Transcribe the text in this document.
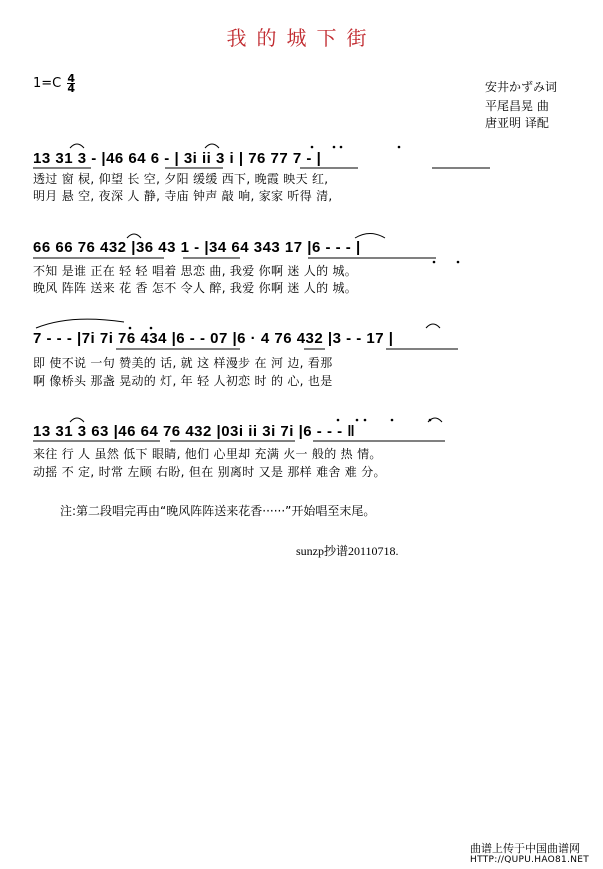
我的城下街
$1=C \frac{4}{4}$	安井かずみ词
平尾昌晃 曲
唐亚明 译配
13 31 3 - |46 64 6 - | 3i ii 3 i | 76 77 7 - |
透过 窗 棂, 仰望 长 空, 夕阳 缓缓 西下, 晚霞 映天 红,
明月 悬 空, 夜深 人 静, 寺庙 钟声 敲 响, 家家 听得 清,
66 66 76 432 |36 43 1 - |34 64 343 17 |6 - - - |
不知 是谁 正在 轻 轻 唱着 思恋 曲, 我爱 你啊 迷 人的 城。
晚风 阵阵 送来 花 香 怎不 令人 醉, 我爱 你啊 迷 人的 城。
7 - - - |7i 7i 76 434 |6 - - 07 |6 · 4 76 432 |3 - - 17 |
即 使不说 一句 赞美的 话, 就 这 样漫步 在 河 边, 看那
啊 像桥头 那盏 晃动的 灯, 年 轻 人初恋 时 的 心, 也是
13 31 3 63 |46 64 76 432 |03i ii 3i 7i |6 - - - ‖
来往 行 人 虽然 低下 眼睛, 他们 心里却 充满 火一 般的 热 情。
动摇 不 定, 时常 左顾 右盼, 但在 别离时 又是 那样 难舍 难 分。
注:第二段唱完再由“晚风阵阵送来花香······”开始唱至末尾。
sunzp抄谱20110718.
曲谱上传于中国曲谱网
HTTP://QUPU.HAO81.NET
